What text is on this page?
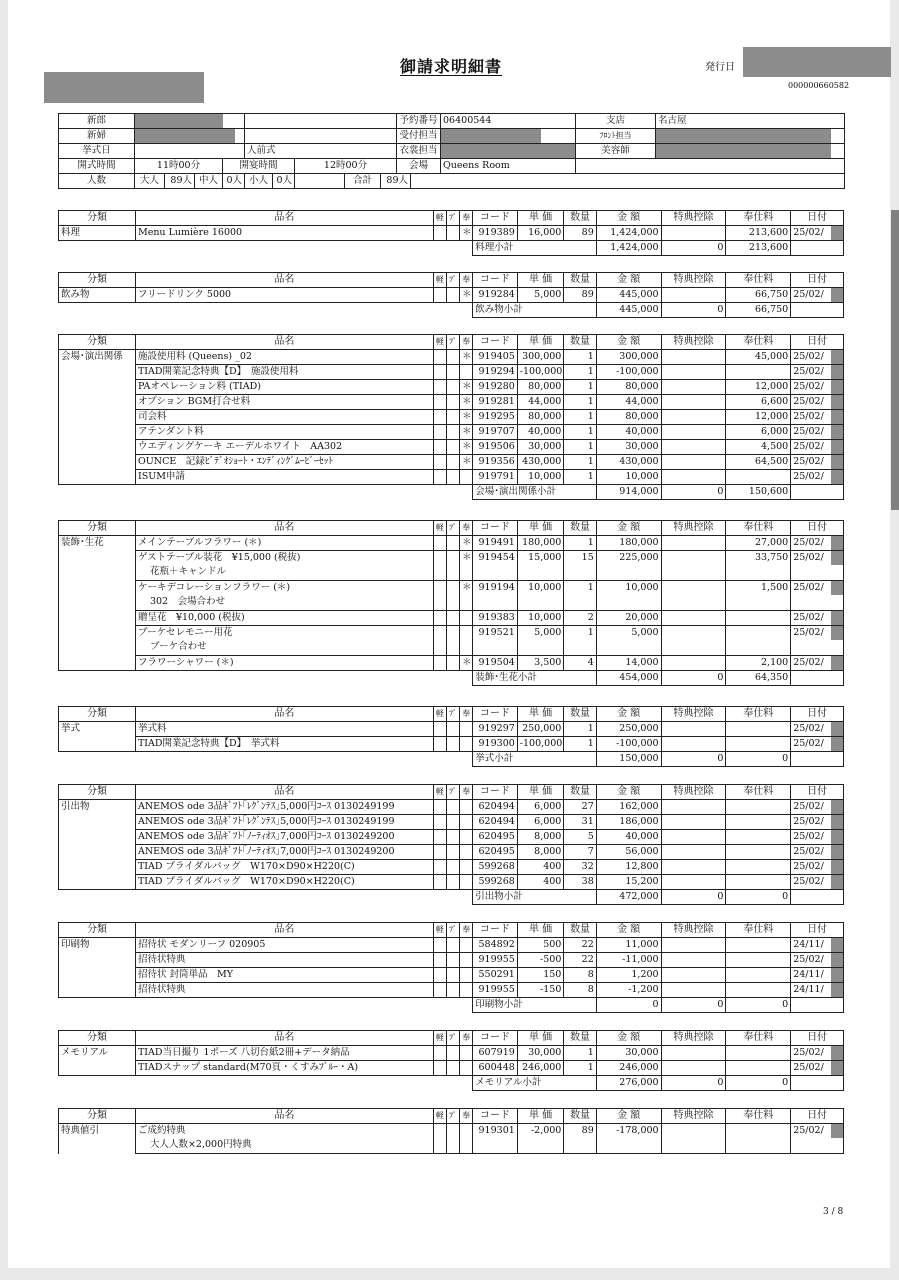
御請求明細書	発行日
000000660582
新郎										予約番号		06400544	支店	名古屋
新婦										受付担当			ﾌﾛﾝﾄ担当	

挙式日					人前式					衣裳担当			美容師	

開式時間	11時00分			開宴時間			12時00分			会場		Queens Room		
人数	大人	89人	中人	0人	小人	0人		合計	89人					
分類	品名	軽	ﾌﾟ	奉	コード	単 価	数量	金 額	特典控除	奉仕料	日付
料理	Menu Lumière 16000			＊	919389	16,000	89	1,424,000		213,600	25/02/
					料理小計			1,424,000	0	213,600	
分類	品名	軽	ﾌﾟ	奉	コード	単 価	数量	金 額	特典控除	奉仕料	日付
飲み物	フリードリンク 5000			＊	919284	5,000	89	445,000		66,750	25/02/
					飲み物小計			445,000	0	66,750	
分類	品名	軽	ﾌﾟ	奉	コード	単 価	数量	金 額	特典控除	奉仕料	日付
会場･演出関係	施設使用料 (Queens) _02			＊	919405	300,000	1	300,000		45,000	25/02/

	TIAD開業記念特典【D】　施設使用料				919294	-100,000	1	-100,000			25/02/

	PAオペレーション料 (TIAD)			＊	919280	80,000	1	80,000		12,000	25/02/

	オプション BGM打合せ料			＊	919281	44,000	1	44,000		6,600	25/02/

	司会料			＊	919295	80,000	1	80,000		12,000	25/02/

	アテンダント料			＊	919707	40,000	1	40,000		6,000	25/02/

	ウエディングケーキ エーデルホワイト　AA302			＊	919506	30,000	1	30,000		4,500	25/02/

	OUNCE　記録ﾋﾞﾃﾞｵｼｮｰﾄ・ｴﾝﾃﾞｨﾝｸﾞﾑｰﾋﾞｰｾｯﾄ			＊	919356	430,000	1	430,000		64,500	25/02/

	ISUM申請				919791	10,000	1	10,000			25/02/
					会場･演出関係小計			914,000	0	150,600	
分類	品名	軽	ﾌﾟ	奉	コード	単 価	数量	金 額	特典控除	奉仕料	日付
装飾･生花	メインテーブルフラワー (＊)			＊	919491	180,000	1	180,000		27,000	25/02/

	ゲストテーブル装花　¥15,000 (税抜)
花瓶＋キャンドル			＊	919454	15,000	15	225,000		33,750	25/02/

	ケーキデコレーションフラワー (＊)
302　会場合わせ			＊	919194	10,000	1	10,000		1,500	25/02/

	贈呈花　¥10,000 (税抜)				919383	10,000	2	20,000			25/02/

	ブーケセレモニー用花
ブーケ合わせ				919521	5,000	1	5,000			25/02/

	フラワーシャワー (＊)			＊	919504	3,500	4	14,000		2,100	25/02/
					装飾･生花小計			454,000	0	64,350	
分類	品名	軽	ﾌﾟ	奉	コード	単 価	数量	金 額	特典控除	奉仕料	日付
挙式	挙式料				919297	250,000	1	250,000			25/02/

	TIAD開業記念特典【D】　挙式料				919300	-100,000	1	-100,000			25/02/
					挙式小計			150,000	0	0	
分類	品名	軽	ﾌﾟ	奉	コード	単 価	数量	金 額	特典控除	奉仕料	日付
引出物	ANEMOS ode 3品ｷﾞﾌﾄ｢ﾚｸﾞﾝﾃｽ｣5,000円ｺｰｽ 0130249199				620494	6,000	27	162,000			25/02/

	ANEMOS ode 3品ｷﾞﾌﾄ｢ﾚｸﾞﾝﾃｽ｣5,000円ｺｰｽ 0130249199				620494	6,000	31	186,000			25/02/

	ANEMOS ode 3品ｷﾞﾌﾄ｢ﾉｰﾃｨｵｽ｣7,000円ｺｰｽ 0130249200				620495	8,000	5	40,000			25/02/

	ANEMOS ode 3品ｷﾞﾌﾄ｢ﾉｰﾃｨｵｽ｣7,000円ｺｰｽ 0130249200				620495	8,000	7	56,000			25/02/

	TIAD ブライダルバッグ　W170×D90×H220(C)				599268	400	32	12,800			25/02/

	TIAD ブライダルバッグ　W170×D90×H220(C)				599268	400	38	15,200			25/02/
					引出物小計			472,000	0	0	
分類	品名	軽	ﾌﾟ	奉	コード	単 価	数量	金 額	特典控除	奉仕料	日付
印刷物	招待状 モダンリーフ 020905				584892	500	22	11,000			24/11/

	招待状特典				919955	-500	22	-11,000			25/02/

	招待状 封筒単品　MY				550291	150	8	1,200			24/11/

	招待状特典				919955	-150	8	-1,200			24/11/
					印刷物小計			0	0	0	
分類	品名	軽	ﾌﾟ	奉	コード	単 価	数量	金 額	特典控除	奉仕料	日付
メモリアル	TIAD当日撮り 1ポーズ 八切台紙2冊+データ納品				607919	30,000	1	30,000			25/02/

	TIADスナップ standard(M70頁・くすみﾌﾞﾙｰ・A)				600448	246,000	1	246,000			25/02/
					メモリアル小計			276,000	0	0	
分類	品名	軽	ﾌﾟ	奉	コード	単 価	数量	金 額	特典控除	奉仕料	日付
特典値引	ご成約特典
大人人数×2,000円特典				919301	-2,000	89	-178,000			25/02/
3 / 8
